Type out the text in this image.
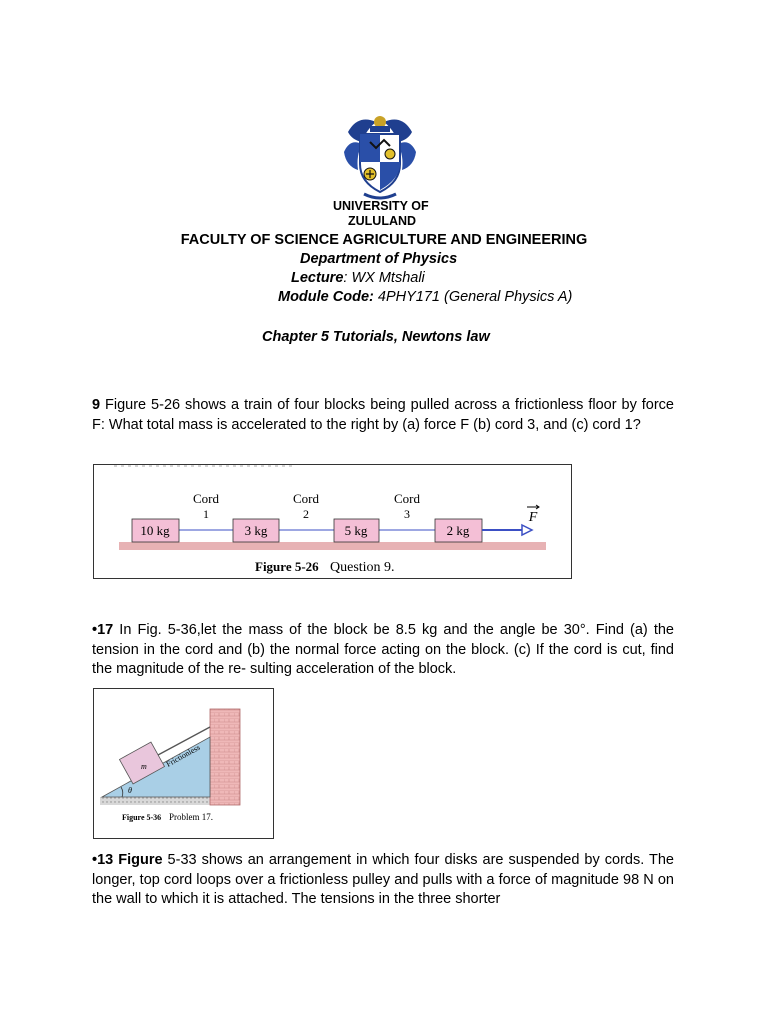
UNIVERSITY OF
ZULULAND
FACULTY OF SCIENCE AGRICULTURE AND ENGINEERING
Department of Physics
Lecture: WX Mtshali
Module Code: 4PHY171 (General Physics A)
Chapter 5 Tutorials, Newtons law
9 Figure 5-26 shows a train of four blocks being pulled across a frictionless floor by force F: What total mass is accelerated to the right by (a) force F (b) cord 3, and (c) cord 1?
10 kg	3 kg	5 kg	2 kg
Cord
1
Cord
2
Cord
3	F
Figure 5-26 Question 9.
•17 In Fig. 5-36,let the mass of the block be 8.5 kg and the angle be 30°. Find (a) the tension in the cord and (b) the normal force acting on the block. (c) If the cord is cut, find the magnitude of the re- sulting acceleration of the block.
m Frictionless
θ
Figure 5-36 Problem 17.
•13 Figure 5-33 shows an arrangement in which four disks are suspended by cords. The longer, top cord loops over a frictionless pulley and pulls with a force of magnitude 98 N on the wall to which it is attached. The tensions in the three shorter
